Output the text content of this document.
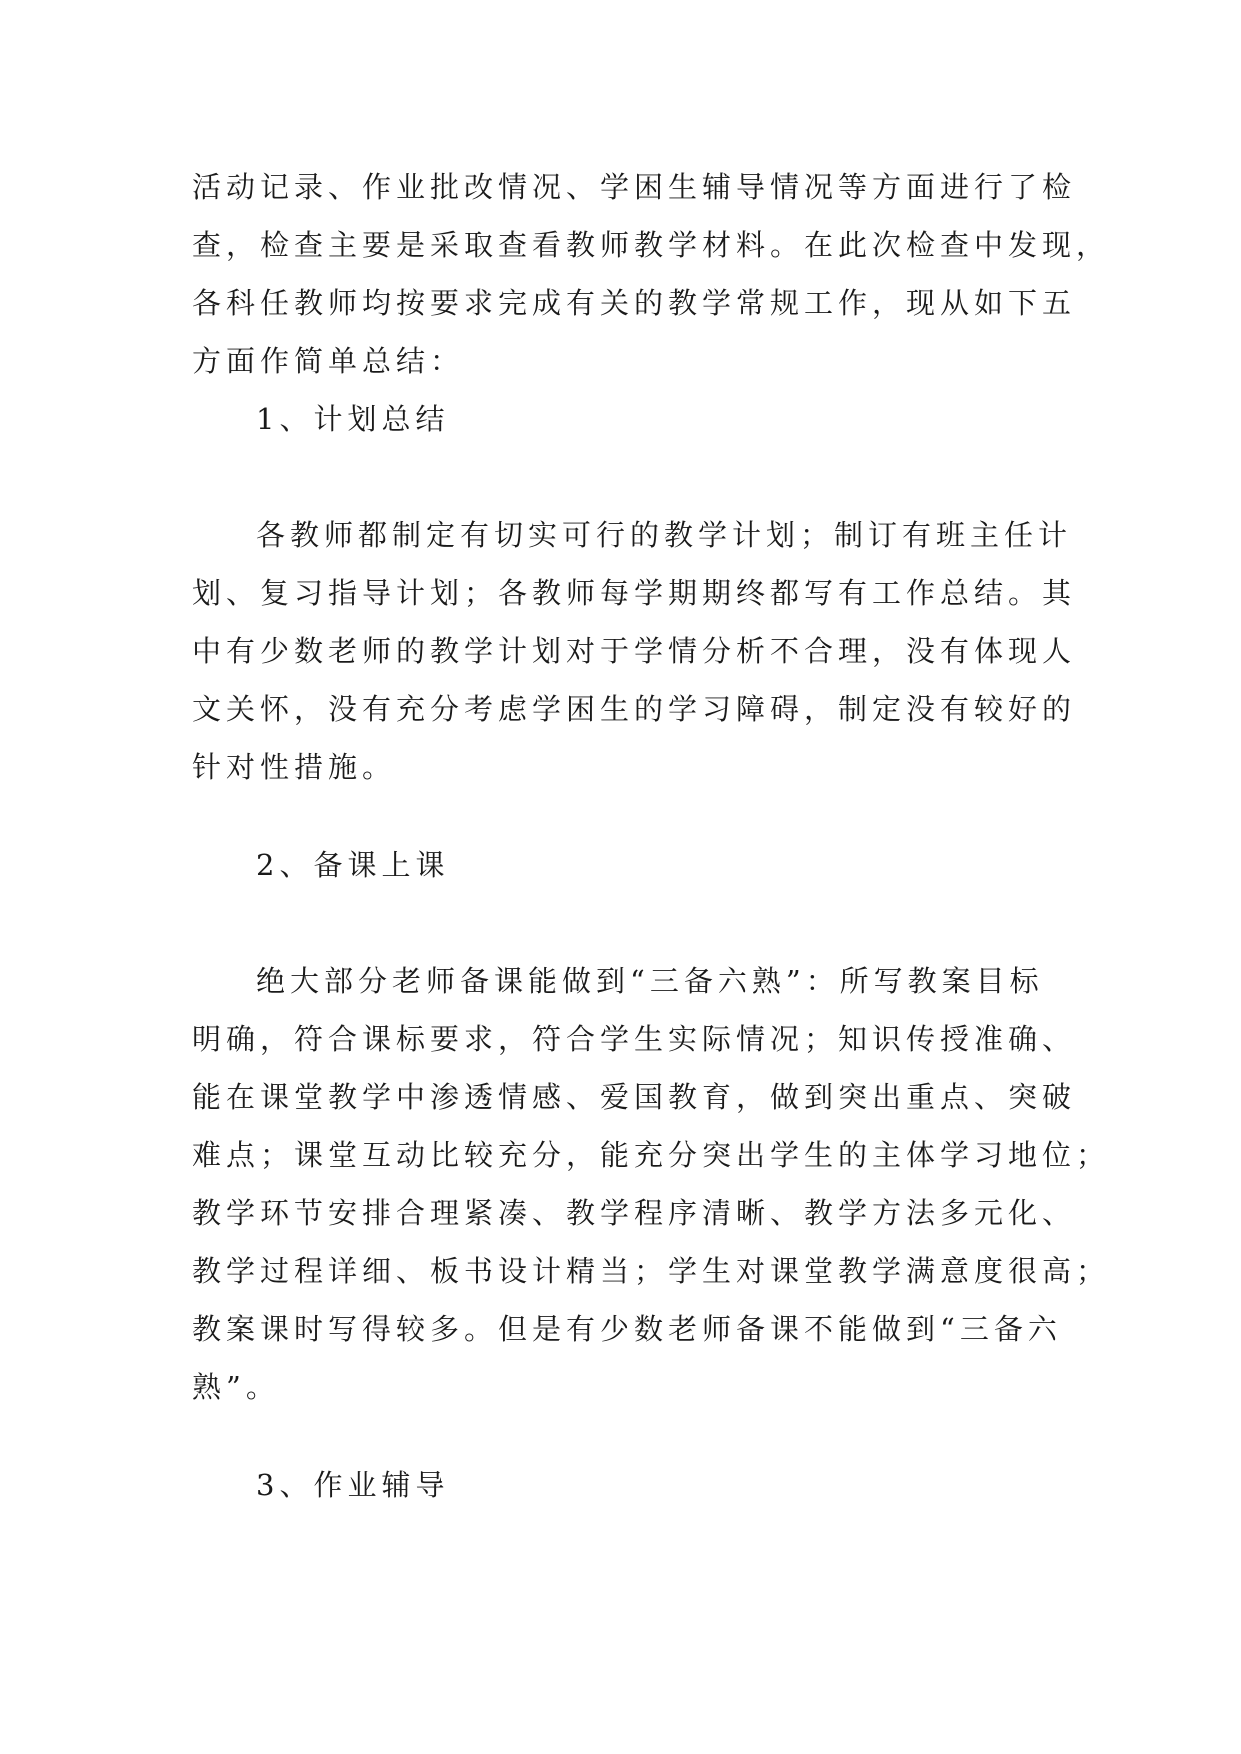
活动记录、作业批改情况、学困生辅导情况等方面进行了检
查，检查主要是采取查看教师教学材料。在此次检查中发现，
各科任教师均按要求完成有关的教学常规工作，现从如下五
方面作简单总结：

1、计划总结

各教师都制定有切实可行的教学计划；制订有班主任计
划、复习指导计划；各教师每学期期终都写有工作总结。其
中有少数老师的教学计划对于学情分析不合理，没有体现人
文关怀，没有充分考虑学困生的学习障碍，制定没有较好的
针对性措施。

2、备课上课

绝大部分老师备课能做到“三备六熟”：所写教案目标
明确，符合课标要求，符合学生实际情况；知识传授准确、
能在课堂教学中渗透情感、爱国教育，做到突出重点、突破
难点；课堂互动比较充分，能充分突出学生的主体学习地位；
教学环节安排合理紧凑、教学程序清晰、教学方法多元化、
教学过程详细、板书设计精当；学生对课堂教学满意度很高；
教案课时写得较多。但是有少数老师备课不能做到“三备六
熟”。

3、作业辅导
